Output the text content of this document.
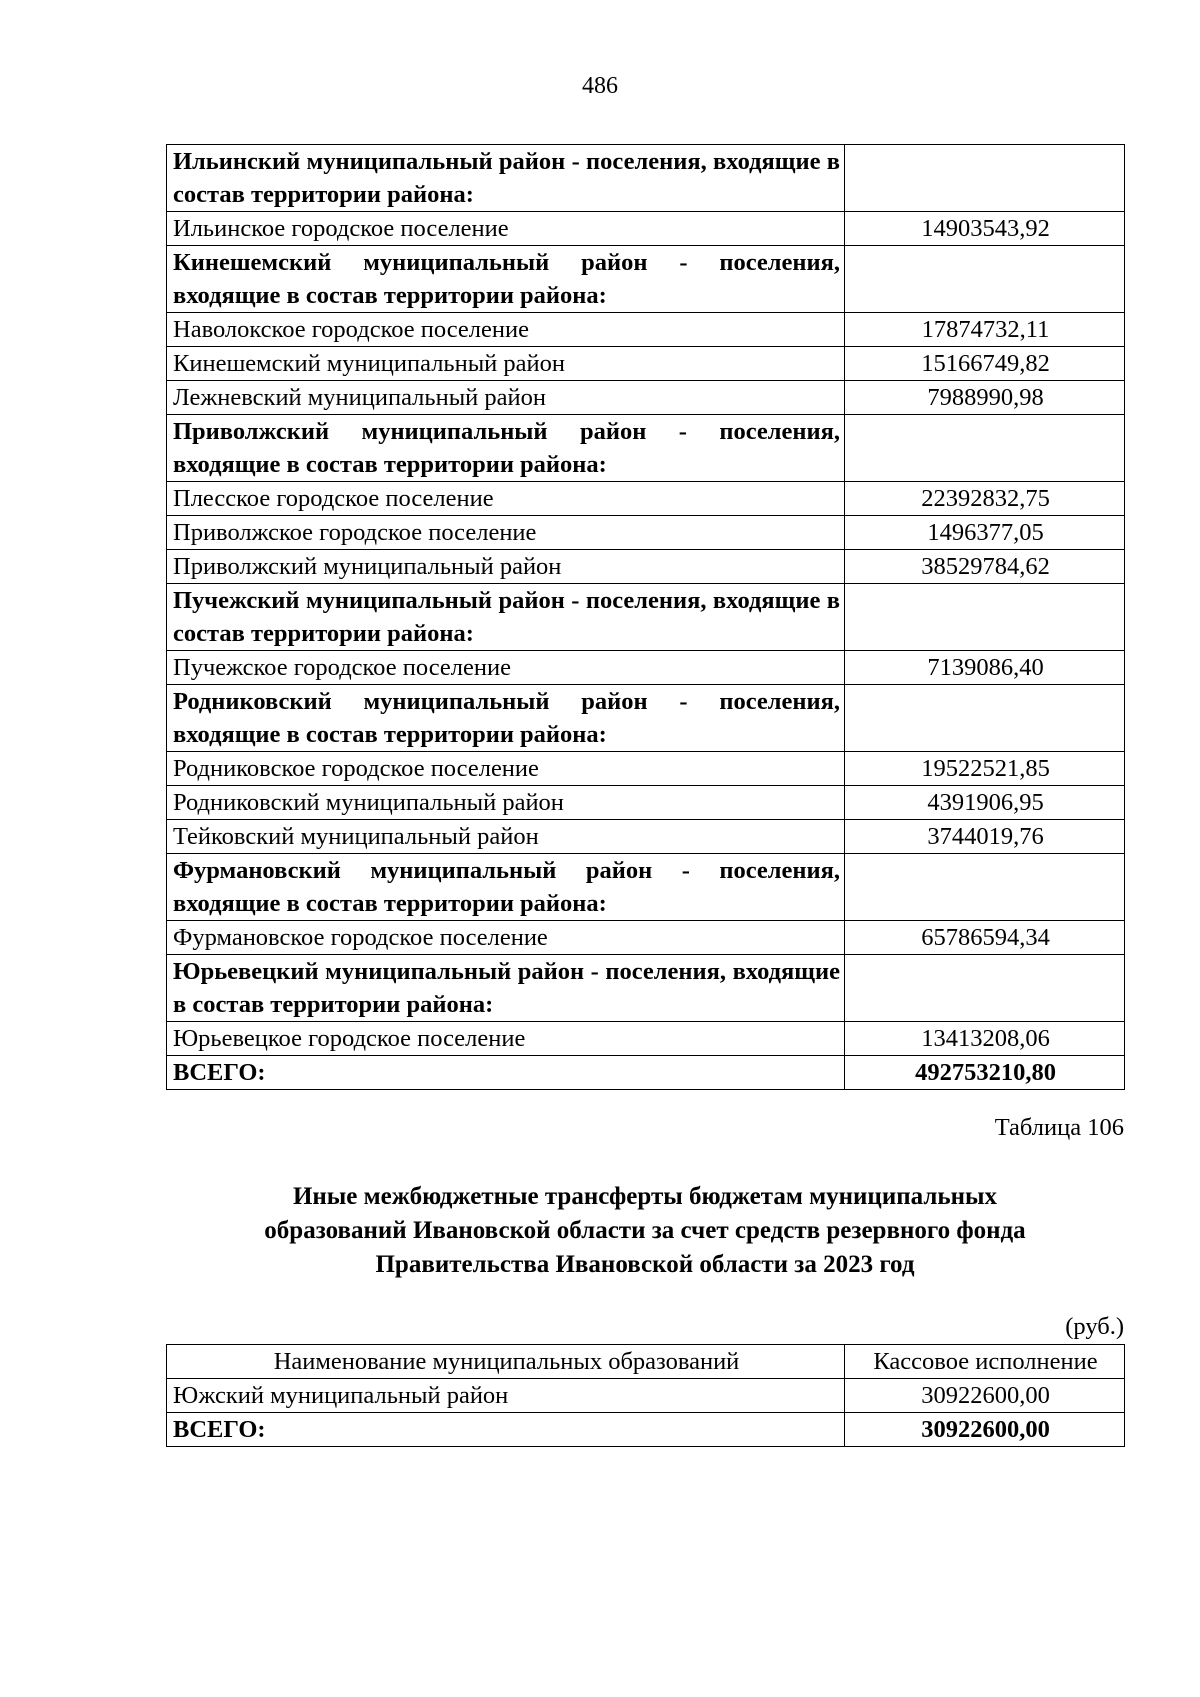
486
Ильинский муниципальный район - поселения, входящие в состав территории района:	
Ильинское городское поселение	14903543,92
Кинешемский муниципальный район - поселения, входящие в состав территории района:	
Наволокское городское поселение	17874732,11
Кинешемский муниципальный район	15166749,82
Лежневский муниципальный район	7988990,98
Приволжский муниципальный район - поселения, входящие в состав территории района:	
Плесское городское поселение	22392832,75
Приволжское городское поселение	1496377,05
Приволжский муниципальный район	38529784,62
Пучежский муниципальный район - поселения, входящие в состав территории района:	
Пучежское городское поселение	7139086,40
Родниковский муниципальный район - поселения, входящие в состав территории района:	
Родниковское городское поселение	19522521,85
Родниковский муниципальный район	4391906,95
Тейковский муниципальный район	3744019,76
Фурмановский муниципальный район - поселения, входящие в состав территории района:	
Фурмановское городское поселение	65786594,34
Юрьевецкий муниципальный район - поселения, входящие в состав территории района:	
Юрьевецкое городское поселение	13413208,06
ВСЕГО:	492753210,80
Таблица 106
Иные межбюджетные трансферты бюджетам муниципальных
образований Ивановской области за счет средств резервного фонда
Правительства Ивановской области за 2023 год
(руб.)
Наименование муниципальных образований	Кассовое исполнение
Южский муниципальный район	30922600,00
ВСЕГО:	30922600,00
